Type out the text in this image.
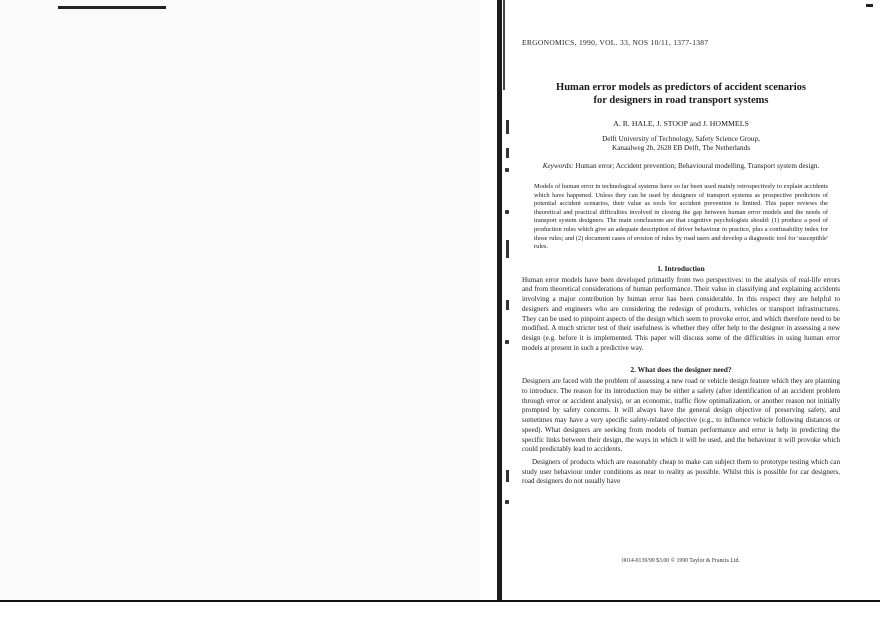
ERGONOMICS, 1990, VOL. 33, NOS 10/11, 1377-1387
Human error models as predictors of accident scenarios
for designers in road transport systems
A. R. HALE, J. STOOP and J. HOMMELS
Delft University of Technology, Safety Science Group,
Kanaalweg 2b, 2628 EB Delft, The Netherlands
Keywords: Human error; Accident prevention; Behavioural modelling, Transport system design.
Models of human error in technological systems have so far been used mainly retrospectively to explain accidents which have happened. Unless they can be used by designers of transport systems as prospective predictors of potential accident scenarios, their value as tools for accident prevention is limited. This paper reviews the theoretical and practical difficulties involved in closing the gap between human error models and the needs of transport system designers. The main conclusions are that cognitive psychologists should: (1) produce a pool of production rules which give an adequate description of driver behaviour in practice, plus a confusability index for those rules; and (2) document cases of erosion of rules by road users and develop a diagnostic tool for 'susceptible' rules.
1. Introduction
Human error models have been developed primarily from two perspectives: to the analysis of real-life errors and from theoretical considerations of human performance. Their value in classifying and explaining accidents involving a major contribution by human error has been considerable. In this respect they are helpful to designers and engineers who are considering the redesign of products, vehicles or transport infrastructures. They can be used to pinpoint aspects of the design which seem to provoke error, and which therefore need to be modified. A much stricter test of their usefulness is whether they offer help to the designer in assessing a new design (e.g. before it is implemented. This paper will discuss some of the difficulties in using human error models at present in such a predictive way.
2. What does the designer need?
Designers are faced with the problem of assessing a new road or vehicle design feature which they are planning to introduce. The reason for its introduction may be either a safety (after identification of an accident problem through error or accident analysis), or an economic, traffic flow optimalization, or another reason not initially prompted by safety concerns. It will always have the general design objective of preserving safety, and sometimes may have a very specific safety-related objective (e.g., to influence vehicle following distances or speed). What designers are seeking from models of human performance and error is help in predicting the specific links between their design, the ways in which it will be used, and the behaviour it will provoke which could predictably lead to accidents.
Designers of products which are reasonably cheap to make can subject them to prototype testing which can study user behaviour under conditions as near to reality as possible. Whilst this is possible for car designers, road designers do not usually have
0014-0139/90 $3.00 © 1990 Taylor & Francis Ltd.
